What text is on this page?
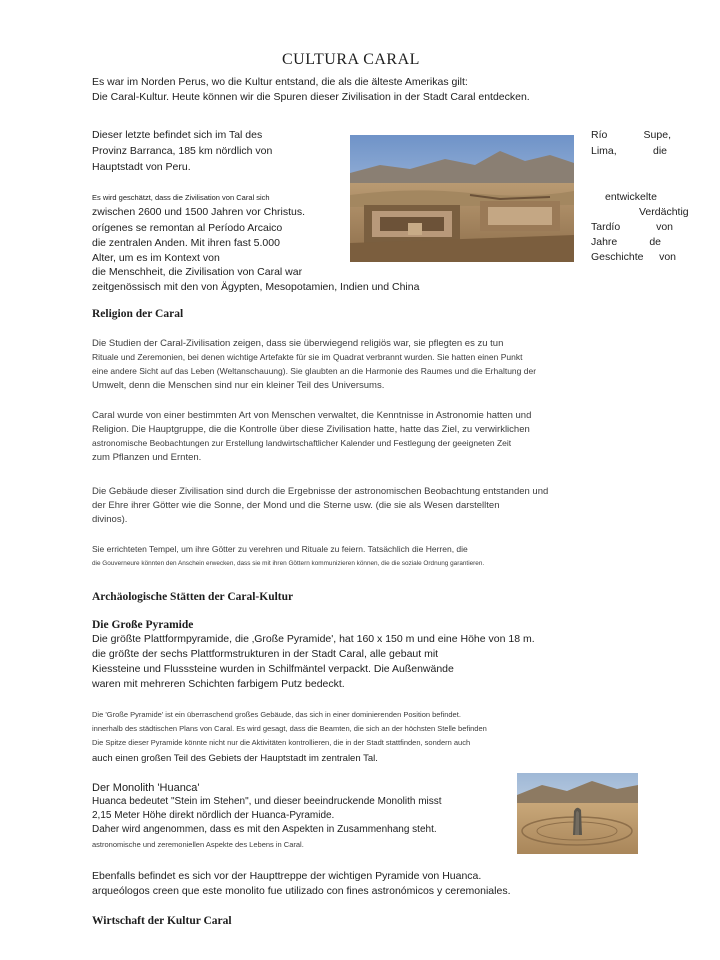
CULTURA CARAL
Es war im Norden Perus, wo die Kultur entstand, die als die älteste Amerikas gilt:
Die Caral-Kultur. Heute können wir die Spuren dieser Zivilisation in der Stadt Caral entdecken.
Dieser letzte befindet sich im Tal des
Provinz Barranca, 185 km nördlich von
Hauptstadt von Peru.
Río	Supe,
Lima,	die
Es wird geschätzt, dass die Zivilisation von Caral sich
zwischen 2600 und 1500 Jahren vor Christus.
orígenes se remontan al Período Arcaico
die zentralen Anden. Mit ihren fast 5.000
Alter, um es im Kontext von
entwickelte
Verdächtig
Tardío	von
Jahre	de
Geschichte von
die Menschheit, die Zivilisation von Caral war
zeitgenössisch mit den von Ägypten, Mesopotamien, Indien und China
Religion der Caral
Die Studien der Caral-Zivilisation zeigen, dass sie überwiegend religiös war, sie pflegten es zu tun
Rituale und Zeremonien, bei denen wichtige Artefakte für sie im Quadrat verbrannt wurden. Sie hatten einen Punkt
eine andere Sicht auf das Leben (Weltanschauung). Sie glaubten an die Harmonie des Raumes und die Erhaltung der
Umwelt, denn die Menschen sind nur ein kleiner Teil des Universums.
Caral wurde von einer bestimmten Art von Menschen verwaltet, die Kenntnisse in Astronomie hatten und
Religion. Die Hauptgruppe, die die Kontrolle über diese Zivilisation hatte, hatte das Ziel, zu verwirklichen
astronomische Beobachtungen zur Erstellung landwirtschaftlicher Kalender und Festlegung der geeigneten Zeit
zum Pflanzen und Ernten.
Die Gebäude dieser Zivilisation sind durch die Ergebnisse der astronomischen Beobachtung entstanden und
der Ehre ihrer Götter wie die Sonne, der Mond und die Sterne usw. (die sie als Wesen darstellten
divinos).
Sie errichteten Tempel, um ihre Götter zu verehren und Rituale zu feiern. Tatsächlich die Herren, die
die Gouverneure könnten den Anschein erwecken, dass sie mit ihren Göttern kommunizieren können, die die soziale Ordnung garantieren.
Archäologische Stätten der Caral-Kultur
Die Große Pyramide
Die größte Plattformpyramide, die ‚Große Pyramide', hat 160 x 150 m und eine Höhe von 18 m.
die größte der sechs Plattformstrukturen in der Stadt Caral, alle gebaut mit
Kiessteine und Flusssteine wurden in Schilfmäntel verpackt. Die Außenwände
waren mit mehreren Schichten farbigem Putz bedeckt.
Die 'Große Pyramide' ist ein überraschend großes Gebäude, das sich in einer dominierenden Position befindet.
innerhalb des städtischen Plans von Caral. Es wird gesagt, dass die Beamten, die sich an der höchsten Stelle befinden
Die Spitze dieser Pyramide könnte nicht nur die Aktivitäten kontrollieren, die in der Stadt stattfinden, sondern auch
auch einen großen Teil des Gebiets der Hauptstadt im zentralen Tal.
Der Monolith 'Huanca'
Huanca bedeutet "Stein im Stehen", und dieser beeindruckende Monolith misst
2,15 Meter Höhe direkt nördlich der Huanca-Pyramide.
Daher wird angenommen, dass es mit den Aspekten in Zusammenhang steht.
astronomische und zeremoniellen Aspekte des Lebens in Caral.
Ebenfalls befindet es sich vor der Haupttreppe der wichtigen Pyramide von Huanca.
arqueólogos creen que este monolito fue utilizado con fines astronómicos y ceremoniales.
Wirtschaft der Kultur Caral
